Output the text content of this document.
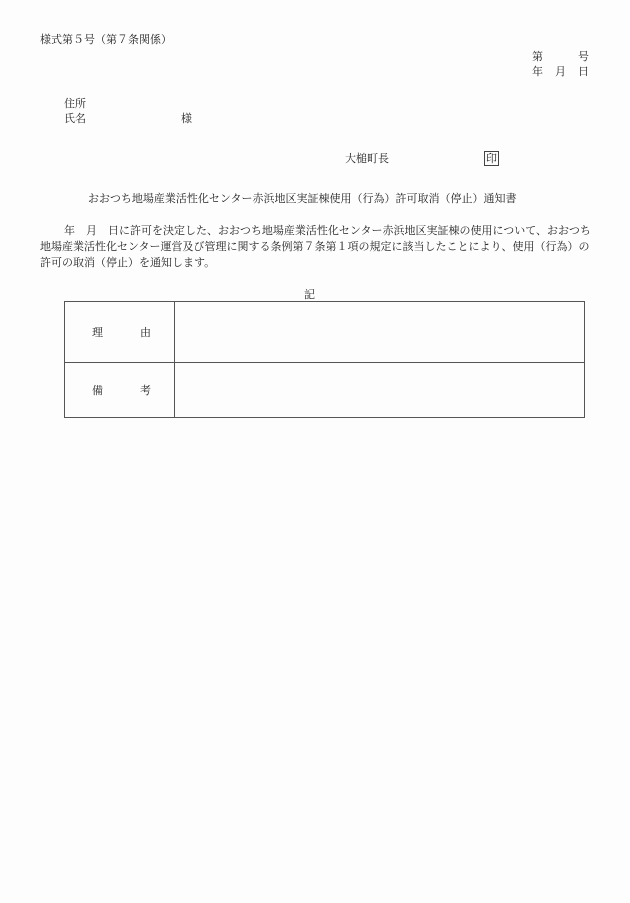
様式第５号（第７条関係）
第	号
年 月 日
住所
氏名	様
大槌町長	印
おおつち地場産業活性化センター赤浜地区実証棟使用（行為）許可取消（停止）通知書
年　月　日に許可を決定した、おおつち地場産業活性化センター赤浜地区実証棟の使用について、おおつち地場産業活性化センター運営及び管理に関する条例第７条第１項の規定に該当したことにより、使用（行為）の許可の取消（停止）を通知します。
記
理 由	

備 考	
